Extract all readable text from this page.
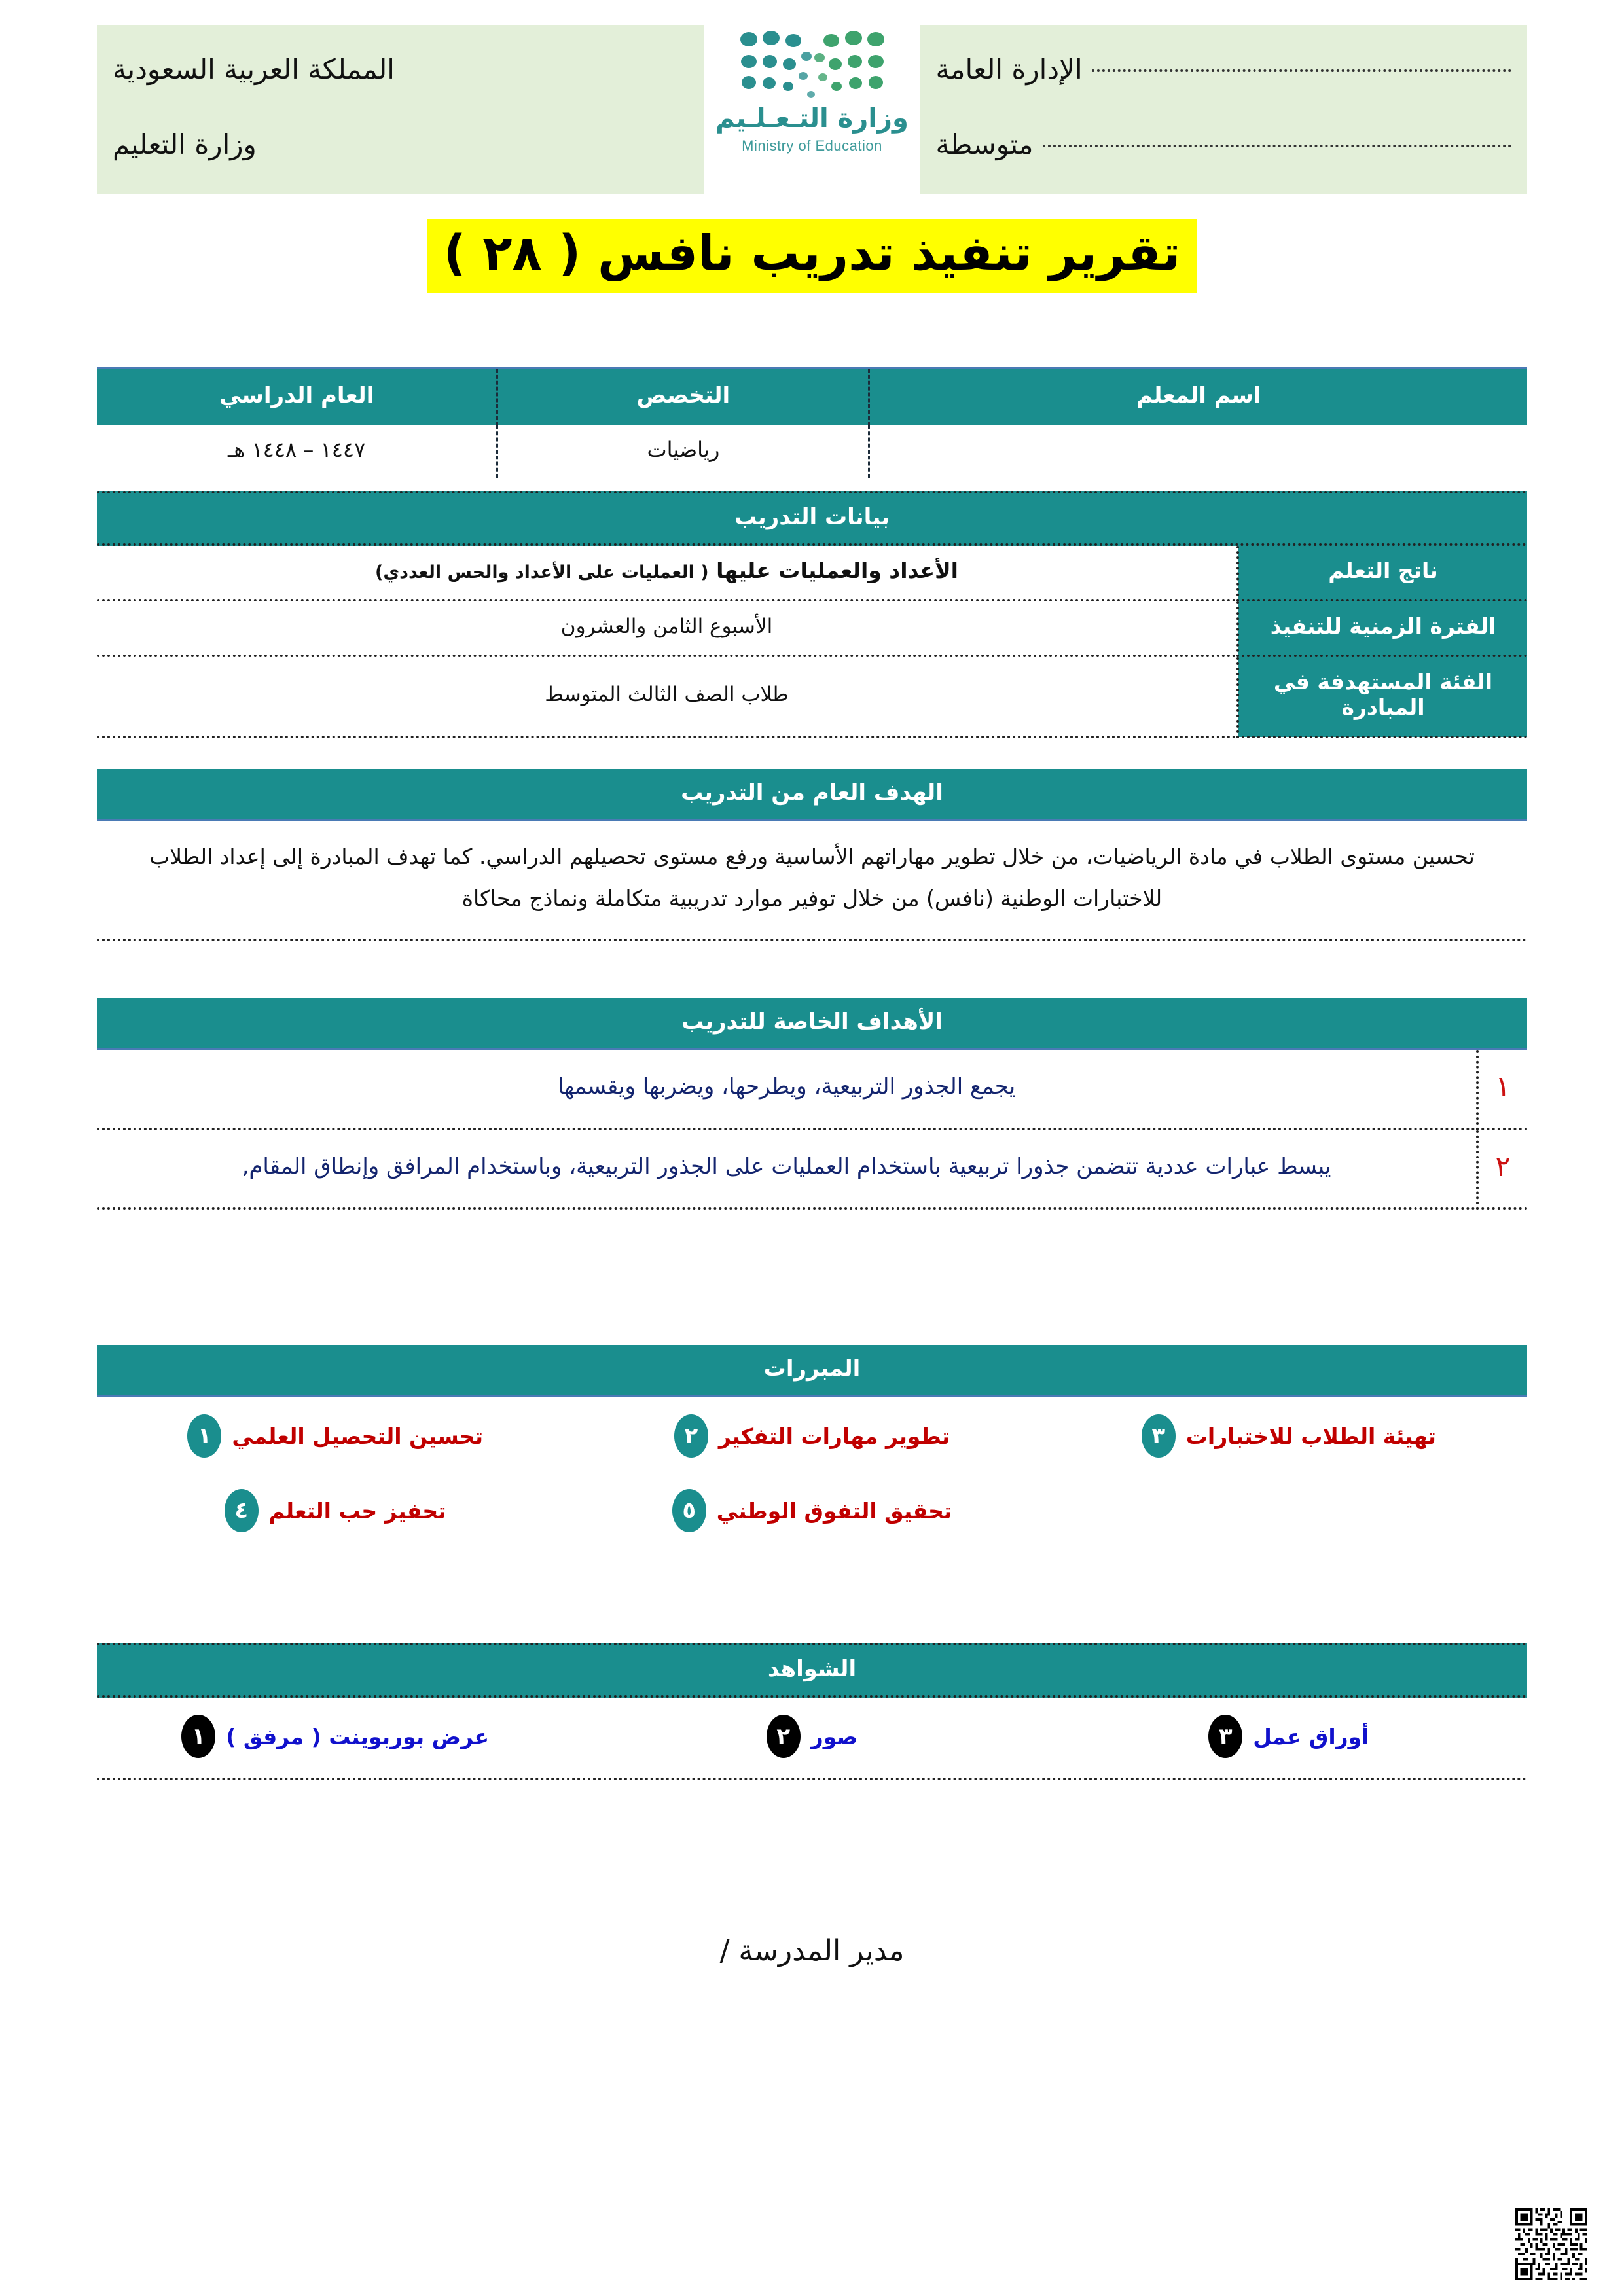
الإدارة العامة
متوسطة
وزارة التـعـلـيم
Ministry of Education
المملكة العربية السعودية
وزارة التعليم
تقرير تنفيذ تدريب نافس ( ٢٨ )
اسم المعلم	التخصص	العام الدراسي
	رياضيات	١٤٤٧ – ١٤٤٨ هـ
بيانات التدريب
ناتج التعلم	الأعداد والعمليات عليها ( العمليات على الأعداد والحس العددي)
الفترة الزمنية للتنفيذ	الأسبوع الثامن والعشرون
الفئة المستهدفة في المبادرة	طلاب الصف الثالث المتوسط
الهدف العام من التدريب
تحسين مستوى الطلاب في مادة الرياضيات، من خلال تطوير مهاراتهم الأساسية ورفع مستوى تحصيلهم الدراسي. كما تهدف المبادرة إلى إعداد الطلاب للاختبارات الوطنية (نافس) من خلال توفير موارد تدريبية متكاملة ونماذج محاكاة
الأهداف الخاصة للتدريب
١	يجمع الجذور التربيعية، ويطرحها، ويضربها ويقسمها
٢	يبسط عبارات عددية تتضمن جذورا تربيعية باستخدام العمليات على الجذور التربيعية، وباستخدام المرافق وإنطاق المقام,
المبررات
تهيئة الطلاب للاختبارات
٣
تطوير مهارات التفكير
٢
تحسين التحصيل العلمي
١
تحقيق التفوق الوطني
٥
تحفيز حب التعلم
٤
الشواهد
أوراق عمل
٣
صور
٢
عرض بوربوينت ( مرفق )
١
مدير المدرسة /
